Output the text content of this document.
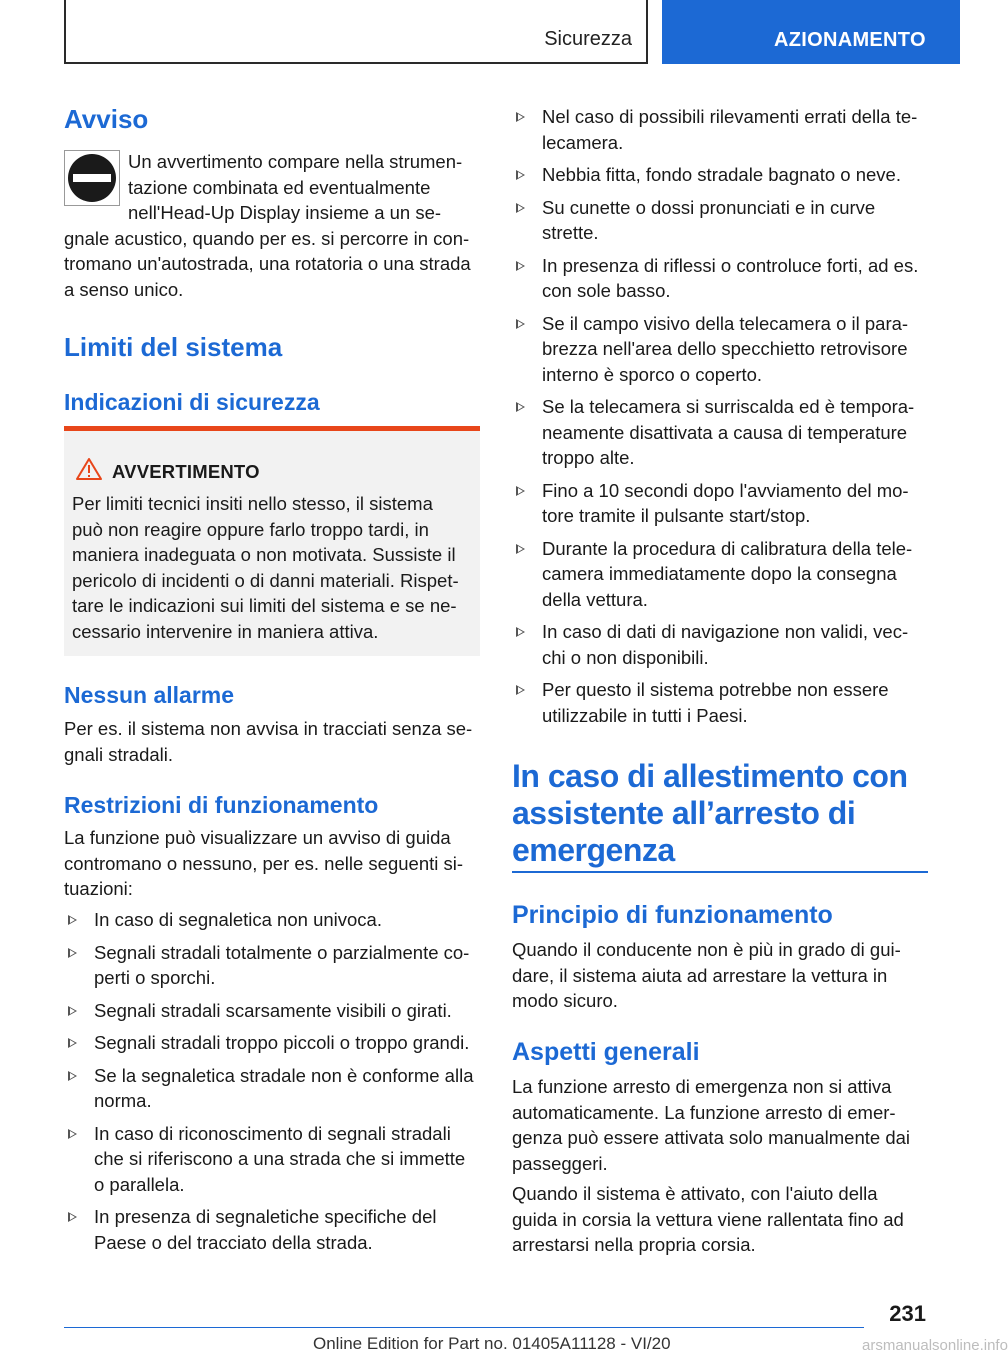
Sicurezza	AZIONAMENTO
Avviso
Un avvertimento compare nella strumen-
tazione combinata ed eventualmente
nell'Head-Up Display insieme a un se-
gnale acustico, quando per es. si percorre in con-
tromano un'autostrada, una rotatoria o una strada
a senso unico.
Limiti del sistema
Indicazioni di sicurezza
AVVERTIMENTO
Per limiti tecnici insiti nello stesso, il sistema
può non reagire oppure farlo troppo tardi, in
maniera inadeguata o non motivata. Sussiste il
pericolo di incidenti o di danni materiali. Rispet-
tare le indicazioni sui limiti del sistema e se ne-
cessario intervenire in maniera attiva.
Nessun allarme
Per es. il sistema non avvisa in tracciati senza se-
gnali stradali.
Restrizioni di funzionamento
La funzione può visualizzare un avviso di guida
contromano o nessuno, per es. nelle seguenti si-
tuazioni:
In caso di segnaletica non univoca.
Segnali stradali totalmente o parzialmente co-
perti o sporchi.
Segnali stradali scarsamente visibili o girati.
Segnali stradali troppo piccoli o troppo grandi.
Se la segnaletica stradale non è conforme alla
norma.
In caso di riconoscimento di segnali stradali
che si riferiscono a una strada che si immette
o parallela.
In presenza di segnaletiche specifiche del
Paese o del tracciato della strada.
Nel caso di possibili rilevamenti errati della te-
lecamera.
Nebbia fitta, fondo stradale bagnato o neve.
Su cunette o dossi pronunciati e in curve
strette.
In presenza di riflessi o controluce forti, ad es.
con sole basso.
Se il campo visivo della telecamera o il para-
brezza nell'area dello specchietto retrovisore
interno è sporco o coperto.
Se la telecamera si surriscalda ed è tempora-
neamente disattivata a causa di temperature
troppo alte.
Fino a 10 secondi dopo l'avviamento del mo-
tore tramite il pulsante start/stop.
Durante la procedura di calibratura della tele-
camera immediatamente dopo la consegna
della vettura.
In caso di dati di navigazione non validi, vec-
chi o non disponibili.
Per questo il sistema potrebbe non essere
utilizzabile in tutti i Paesi.
In caso di allestimento con
assistente all’arresto di
emergenza
Principio di funzionamento
Quando il conducente non è più in grado di gui-
dare, il sistema aiuta ad arrestare la vettura in
modo sicuro.
Aspetti generali
La funzione arresto di emergenza non si attiva
automaticamente. La funzione arresto di emer-
genza può essere attivata solo manualmente dai
passeggeri.
Quando il sistema è attivato, con l'aiuto della
guida in corsia la vettura viene rallentata fino ad
arrestarsi nella propria corsia.
231
Online Edition for Part no. 01405A11128 - VI/20	arsmanualsonline.info
